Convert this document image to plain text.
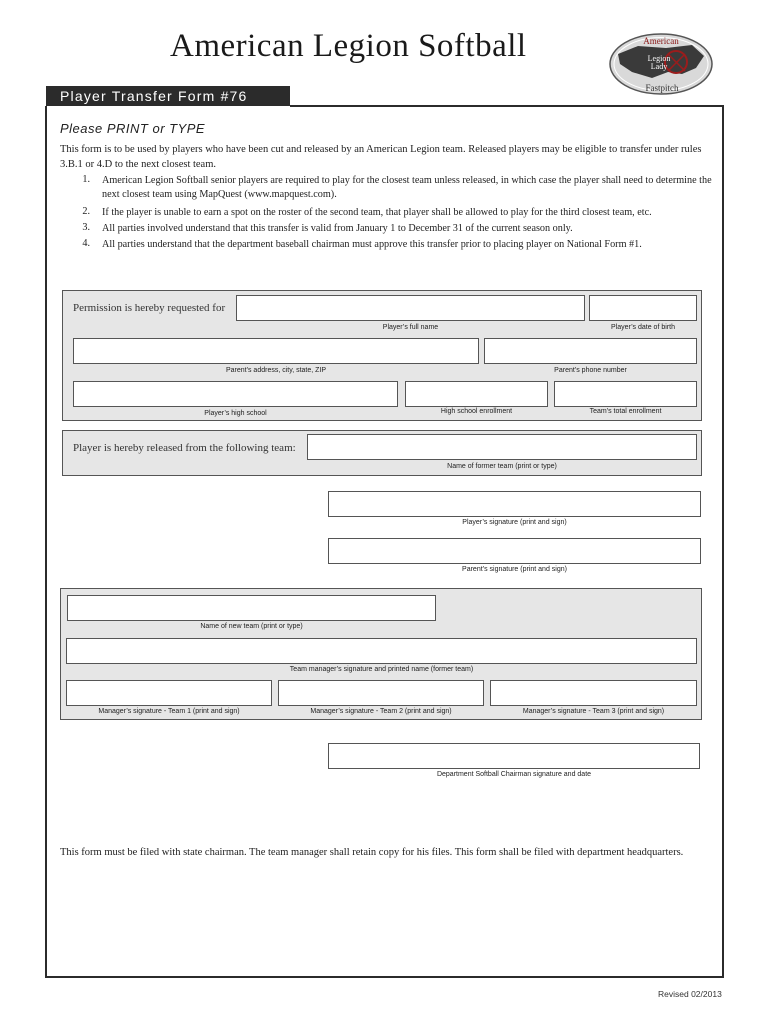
American Legion Softball	American
Legion
Lady
Fastpitch
Player Transfer Form #76
Please PRINT or TYPE
This form is to be used by players who have been cut and released by an American Legion team. Released players may be eligible to transfer under rules 3.B.1 or 4.D to the next closest team.
1. American Legion Softball senior players are required to play for the closest team unless released, in which case the player shall need to determine the next closest team using MapQuest (www.mapquest.com).
2. If the player is unable to earn a spot on the roster of the second team, that player shall be allowed to play for the third closest team, etc.
3. All parties involved understand that this transfer is valid from January 1 to December 31 of the current season only.
4. All parties understand that the department baseball chairman must approve this transfer prior to placing player on National Form #1.
Permission is hereby requested for
Player’s full name	Player’s date of birth
Parent’s address, city, state, ZIP	Parent’s phone number
Player’s high school	High school enrollment	Team’s total enrollment
Player is hereby released from the following team:
Name of former team (print or type)
Player’s signature (print and sign)
Parent’s signature (print and sign)
Name of new team (print or type)
Team manager’s signature and printed name (former team)
Manager’s signature - Team 1 (print and sign)	Manager’s signature - Team 2 (print and sign)	Manager’s signature - Team 3 (print and sign)
Department Softball Chairman signature and date
This form must be filed with state chairman. The team manager shall retain copy for his files. This form shall be filed with department headquarters.
Revised 02/2013
